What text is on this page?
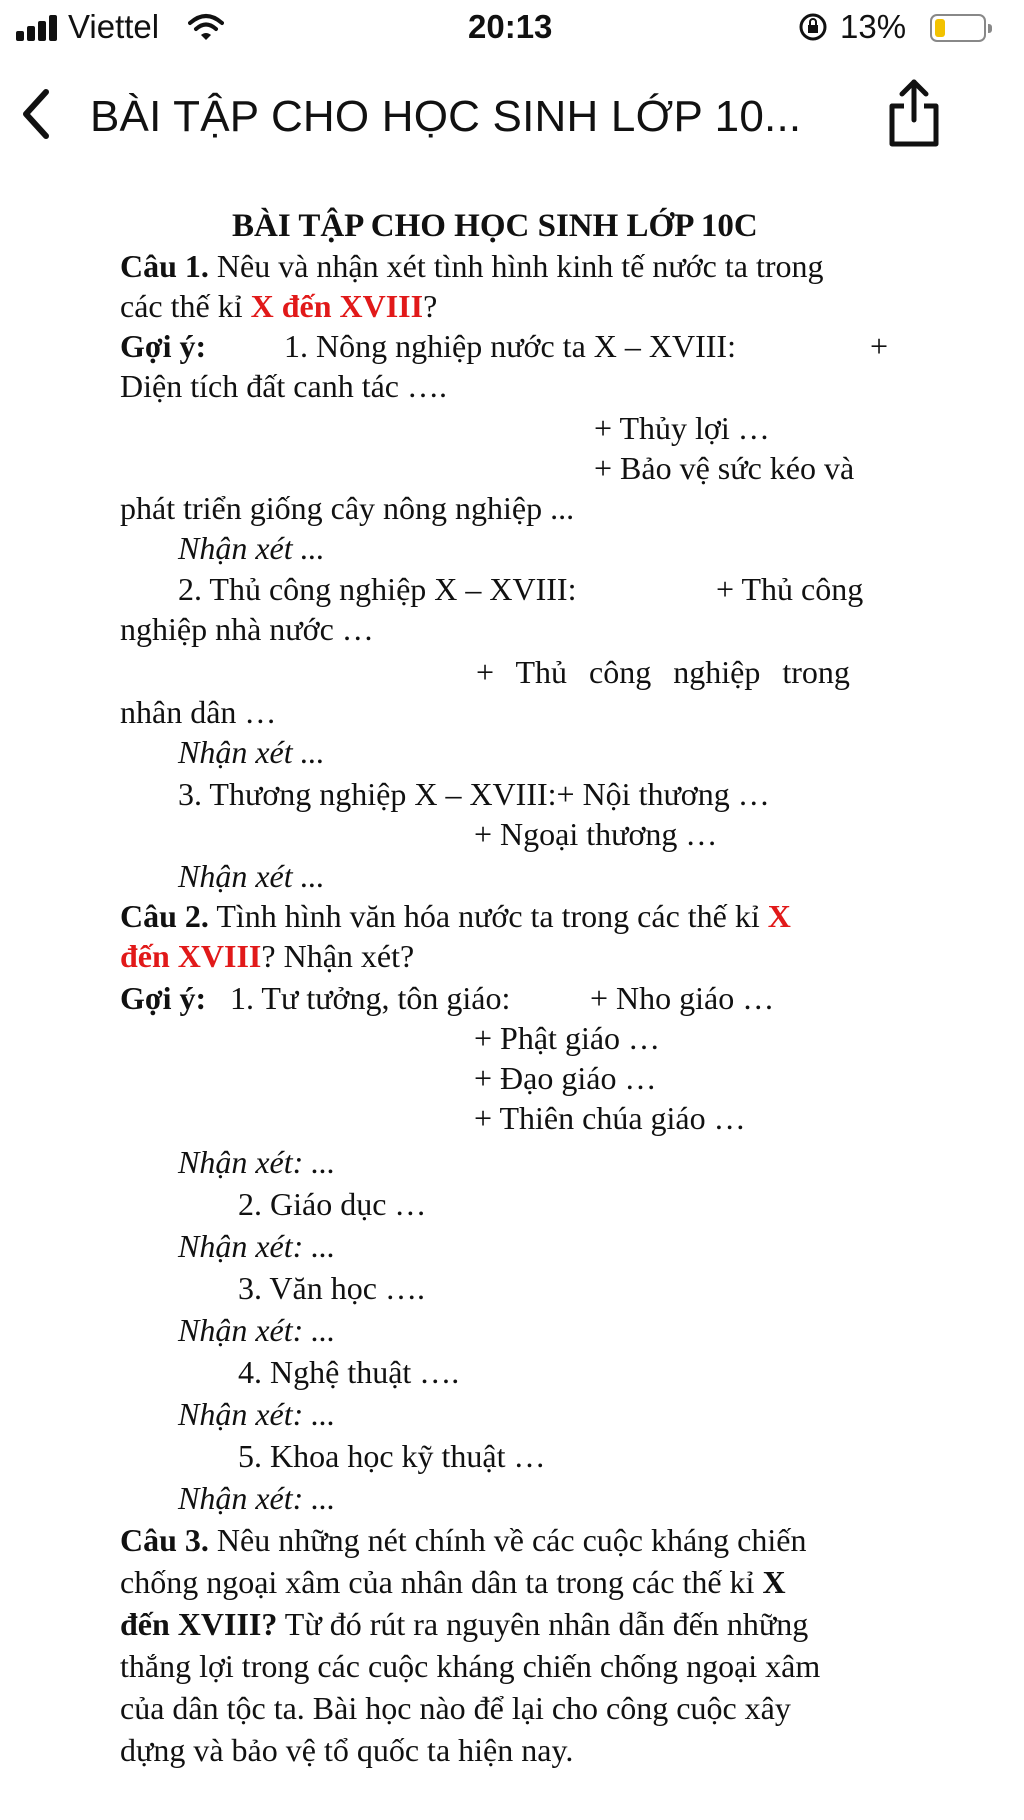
Viettel	20:13	13%
BÀI TẬP CHO HỌC SINH LỚP 10...
BÀI TẬP CHO HỌC SINH LỚP 10C
Câu 1. Nêu và nhận xét tình hình kinh tế nước ta trong
các thế kỉ X đến XVIII?
Gợi ý: 1. Nông nghiệp nước ta X – XVIII:	+
Diện tích đất canh tác ….
+ Thủy lợi …
+ Bảo vệ sức kéo và
phát triển giống cây nông nghiệp ...
Nhận xét ...
2. Thủ công nghiệp X – XVIII:	+ Thủ công
nghiệp nhà nước …
+ Thủ công nghiệp trong
nhân dân …
Nhận xét ...
3. Thương nghiệp X – XVIII:+ Nội thương …
+ Ngoại thương …
Nhận xét ...
Câu 2. Tình hình văn hóa nước ta trong các thế kỉ X
đến XVIII? Nhận xét?
Gợi ý: 1. Tư tưởng, tôn giáo: + Nho giáo …
+ Phật giáo …
+ Đạo giáo …
+ Thiên chúa giáo …
Nhận xét: ...
2. Giáo dục …
Nhận xét: ...
3. Văn học ….
Nhận xét: ...
4. Nghệ thuật ….
Nhận xét: ...
5. Khoa học kỹ thuật …
Nhận xét: ...
Câu 3. Nêu những nét chính về các cuộc kháng chiến
chống ngoại xâm của nhân dân ta trong các thế kỉ X
đến XVIII? Từ đó rút ra nguyên nhân dẫn đến những
thắng lợi trong các cuộc kháng chiến chống ngoại xâm
của dân tộc ta. Bài học nào để lại cho công cuộc xây
dựng và bảo vệ tổ quốc ta hiện nay.
